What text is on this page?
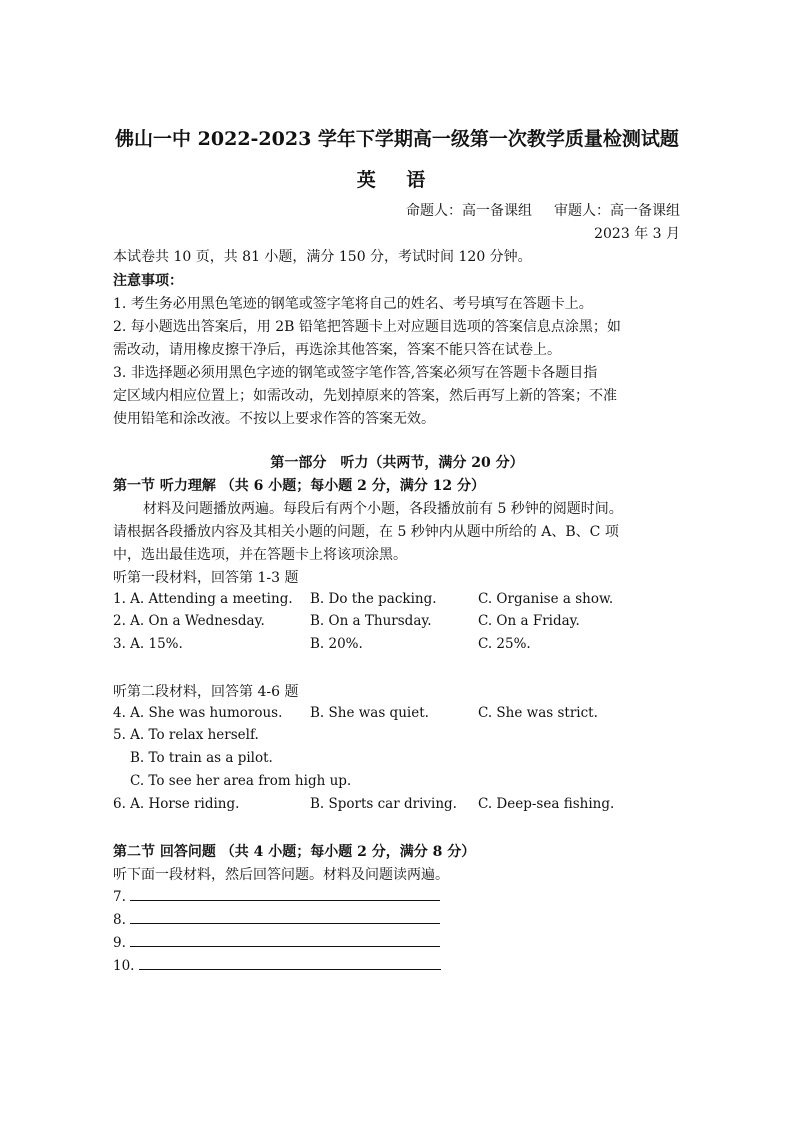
佛山一中 2022-2023 学年下学期高一级第一次教学质量检测试题
英 语
命题人：高一备课组 审题人：高一备课组
2023 年 3 月
本试卷共 10 页，共 81 小题，满分 150 分，考试时间 120 分钟。
注意事项：
1. 考生务必用黑色笔迹的钢笔或签字笔将自己的姓名、考号填写在答题卡上。
2. 每小题选出答案后，用 2B 铅笔把答题卡上对应题目选项的答案信息点涂黑；如
需改动，请用橡皮擦干净后，再选涂其他答案，答案不能只答在试卷上。
3. 非选择题必须用黑色字迹的钢笔或签字笔作答,答案必须写在答题卡各题目指
定区域内相应位置上；如需改动，先划掉原来的答案，然后再写上新的答案；不准
使用铅笔和涂改液。不按以上要求作答的答案无效。
第一部分　听力（共两节，满分 20 分）
第一节 听力理解 （共 6 小题；每小题 2 分，满分 12 分）
材料及问题播放两遍。每段后有两个小题，各段播放前有 5 秒钟的阅题时间。
请根据各段播放内容及其相关小题的问题，在 5 秒钟内从题中所给的 A、B、C 项
中，选出最佳选项，并在答题卡上将该项涂黑。
听第一段材料，回答第 1-3 题
1. A. Attending a meeting. B. Do the packing.	C. Organise a show.
2. A. On a Wednesday.	B. On a Thursday.	C. On a Friday.
3. A. 15%.	B. 20%.	C. 25%.
听第二段材料，回答第 4-6 题
4. A. She was humorous. B. She was quiet.	C. She was strict.
5. A. To relax herself.
B. To train as a pilot.
C. To see her area from high up.
6. A. Horse riding.	B. Sports car driving. C. Deep-sea fishing.
第二节 回答问题 （共 4 小题；每小题 2 分，满分 8 分）
听下面一段材料，然后回答问题。材料及问题读两遍。
7.
8.
9.
10.
